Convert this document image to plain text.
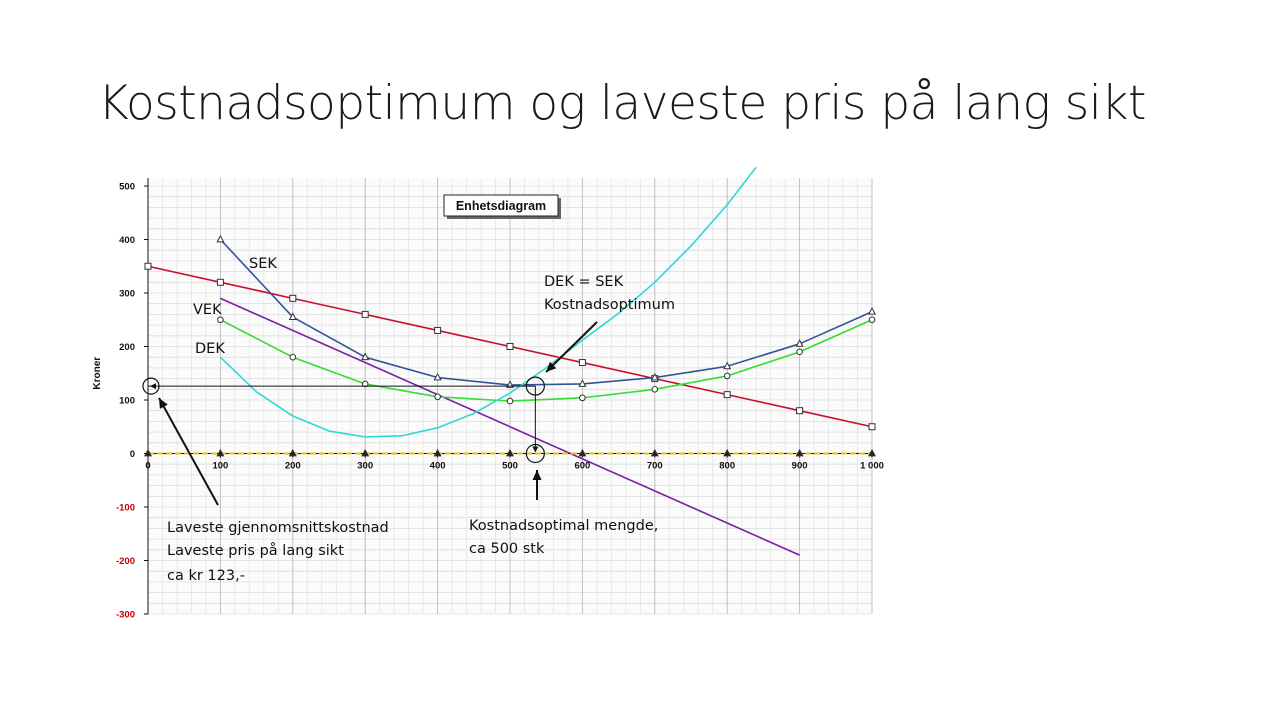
Kostnadsoptimum og laveste pris på lang sikt
500
400
300
200
100
0
-100
-200
-300
0	100	200	300	400	500	600	700	800	900	1 000
Kroner
Enhetsdiagram
SEK
VEK
DEK
DEK = SEK
Kostnadsoptimum
Laveste gjennomsnittskostnad
Laveste pris på lang sikt
ca kr 123,-
Kostnadsoptimal mengde,
ca 500 stk
